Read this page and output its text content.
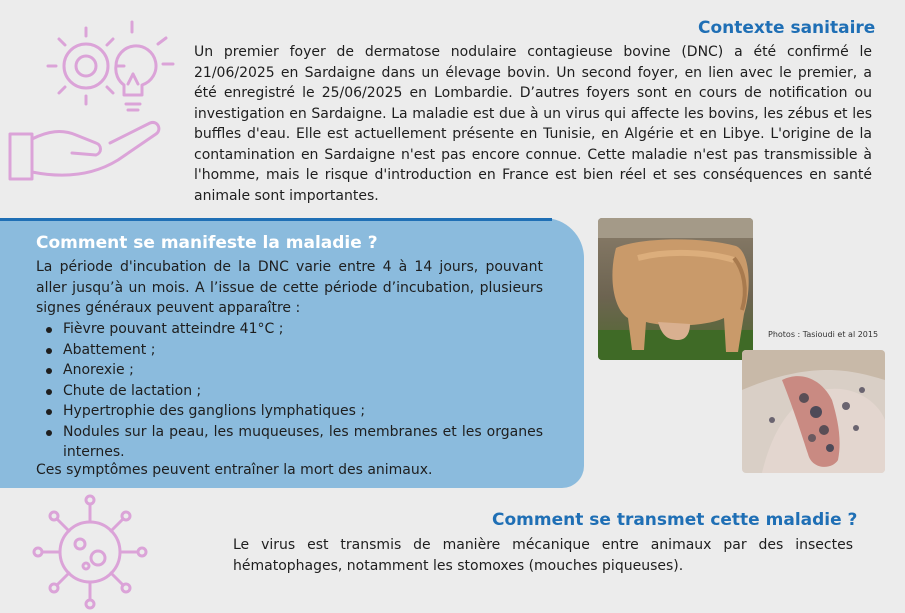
Contexte sanitaire

Un premier foyer de dermatose nodulaire contagieuse bovine (DNC) a été confirmé le 21/06/2025 en Sardaigne dans un élevage bovin. Un second foyer, en lien avec le premier, a été enregistré le 25/06/2025 en Lombardie. D’autres foyers sont en cours de notification ou investigation en Sardaigne. La maladie est due à un virus qui affecte les bovins, les zébus et les buffles d'eau. Elle est actuellement présente en Tunisie, en Algérie et en Libye. L'origine de la contamination en Sardaigne n'est pas encore connue. Cette maladie n'est pas transmissible à l'homme, mais le risque d'introduction en France est bien réel et ses conséquences en santé animale sont importantes.

Comment se manifeste la maladie ?

La période d'incubation de la DNC varie entre 4 à 14 jours, pouvant aller jusqu’à un mois. A l’issue de cette période d’incubation, plusieurs signes généraux peuvent apparaître :

Fièvre pouvant atteindre 41°C ;
Abattement ;
Anorexie ;
Chute de lactation ;
Hypertrophie des ganglions lymphatiques ;
Nodules sur la peau, les muqueuses, les membranes et les organes internes.

Ces symptômes peuvent entraîner la mort des animaux.

Photos : Tasioudi et al 2015

Comment se transmet cette maladie ?

Le virus est transmis de manière mécanique entre animaux par des insectes hématophages, notamment les stomoxes (mouches piqueuses).
